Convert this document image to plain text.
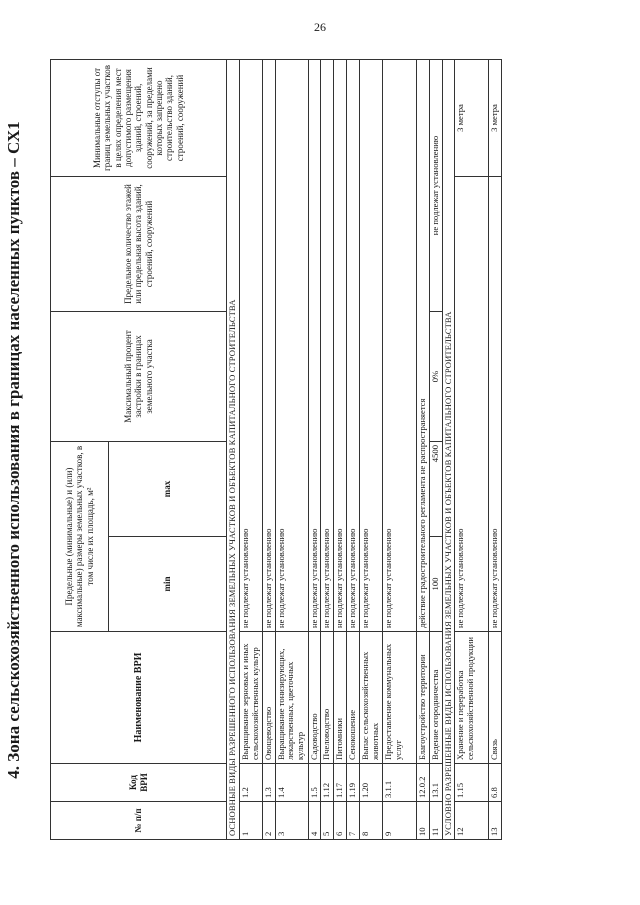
26
4. Зона сельскохозяйственного использования в границах населенных пунктов – СХ1
№ п/п	Код ВРИ	Наименование ВРИ	Предельные (минимальные) и (или) максимальные) размеры земельных участков, в том числе их площадь, м²		Максимальный процент застройки в границах земельного участка	Предельное количество этажей или предельная высота зданий, строений, сооружений	Минимальные отступы от границ земельных участков в целях определения мест допустимого размещения зданий, строений, сооружений, за пределами которых запрещено строительство зданий, строений, сооружений
			min	max			
ОСНОВНЫЕ ВИДЫ РАЗРЕШЕННОГО ИСПОЛЬЗОВАНИЯ ЗЕМЕЛЬНЫХ УЧАСТКОВ И ОБЪЕКТОВ КАПИТАЛЬНОГО СТРОИТЕЛЬСТВА							
1	1.2	Выращивание зерновых и иных сельскохозяйственных культур	не подлежат установлению				
2	1.3	Овощеводство	не подлежат установлению				
3	1.4	Выращивание тонизирующих, лекарственных, цветочных культур	не подлежат установлению				
4	1.5	Садоводство	не подлежат установлению				
5	1.12	Пчеловодство	не подлежат установлению				
6	1.17	Питомники	не подлежат установлению				
7	1.19	Сенокошение	не подлежат установлению				
8	1.20	Выпас сельскохозяйственных животных	не подлежат установлению				
9	3.1.1	Предоставление коммунальных услуг	не подлежат установлению				
10	12.0.2	Благоустройство территории	действие градостроительного регламента не распространяется				
11	13.1	Ведение огородничества	100	4500	0%	не подлежат установлению	
УСЛОВНО РАЗРЕШЕННЫЕ ВИДЫ ИСПОЛЬЗОВАНИЯ ЗЕМЕЛЬНЫХ УЧАСТКОВ И ОБЪЕКТОВ КАПИТАЛЬНОГО СТРОИТЕЛЬСТВА							
12	1.15	Хранение и переработка сельскохозяйственной продукции	не подлежат установлению				3 метра
13	6.8	Связь	не подлежат установлению				3 метра
